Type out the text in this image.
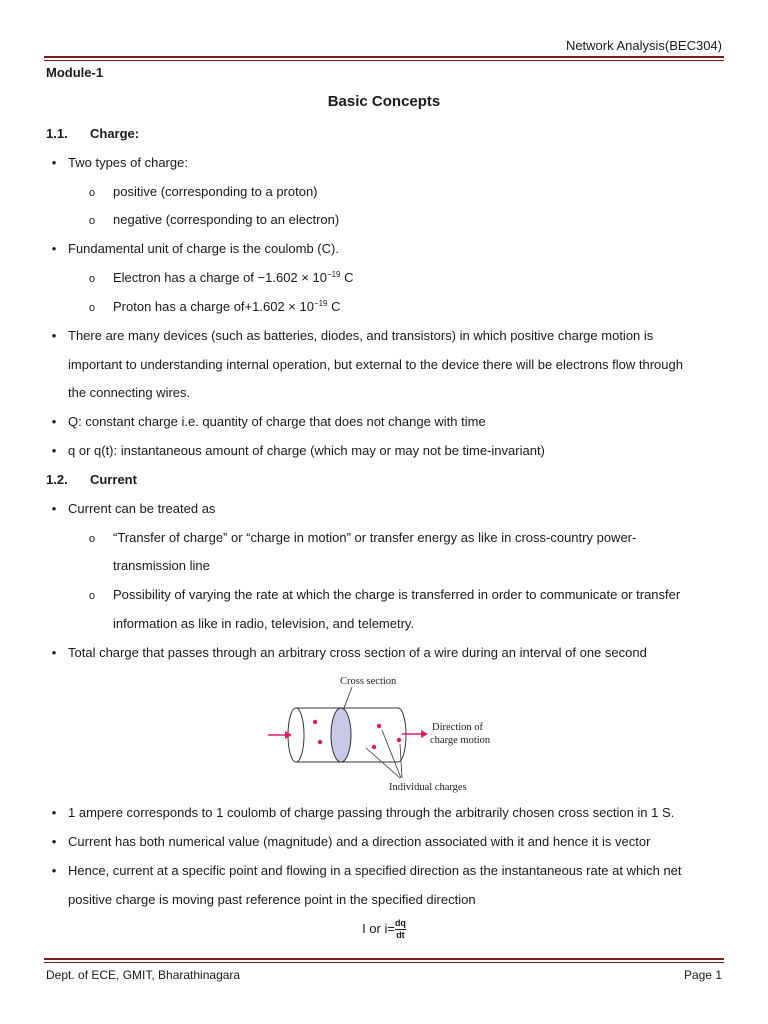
Network Analysis(BEC304)
Module-1
Basic Concepts
1.1. Charge:
• Two types of charge:
o positive (corresponding to a proton)
o negative (corresponding to an electron)
• Fundamental unit of charge is the coulomb (C).
o Electron has a charge of $-1.602 \times 10^{-19}$ C
o Proton has a charge $of+1.602 \times 10^{-19}$ C
• There are many devices (such as batteries, diodes, and transistors) in which positive charge motion is
important to understanding internal operation, but external to the device there will be electrons flow through
the connecting wires.
• Q: constant charge i.e. quantity of charge that does not change with time
• q or q(t): instantaneous amount of charge (which may or may not be time-invariant)
1.2. Current
• Current can be treated as
o “Transfer of charge” or “charge in motion” or transfer energy as like in cross-country power-
transmission line
o Possibility of varying the rate at which the charge is transferred in order to communicate or transfer
information as like in radio, television, and telemetry.
• Total charge that passes through an arbitrary cross section of a wire during an interval of one second
Cross section
Direction of
charge motion
Individual charges
• 1 ampere corresponds to 1 coulomb of charge passing through the arbitrarily chosen cross section in 1 S.
• Current has both numerical value (magnitude) and a direction associated with it and hence it is vector
• Hence, current at a specific point and flowing in a specified direction as the instantaneous rate at which net
positive charge is moving past reference point in the specified direction
I or $i= \frac{dq}{dt}$
Dept. of ECE, GMIT, Bharathinagara	Page 1
